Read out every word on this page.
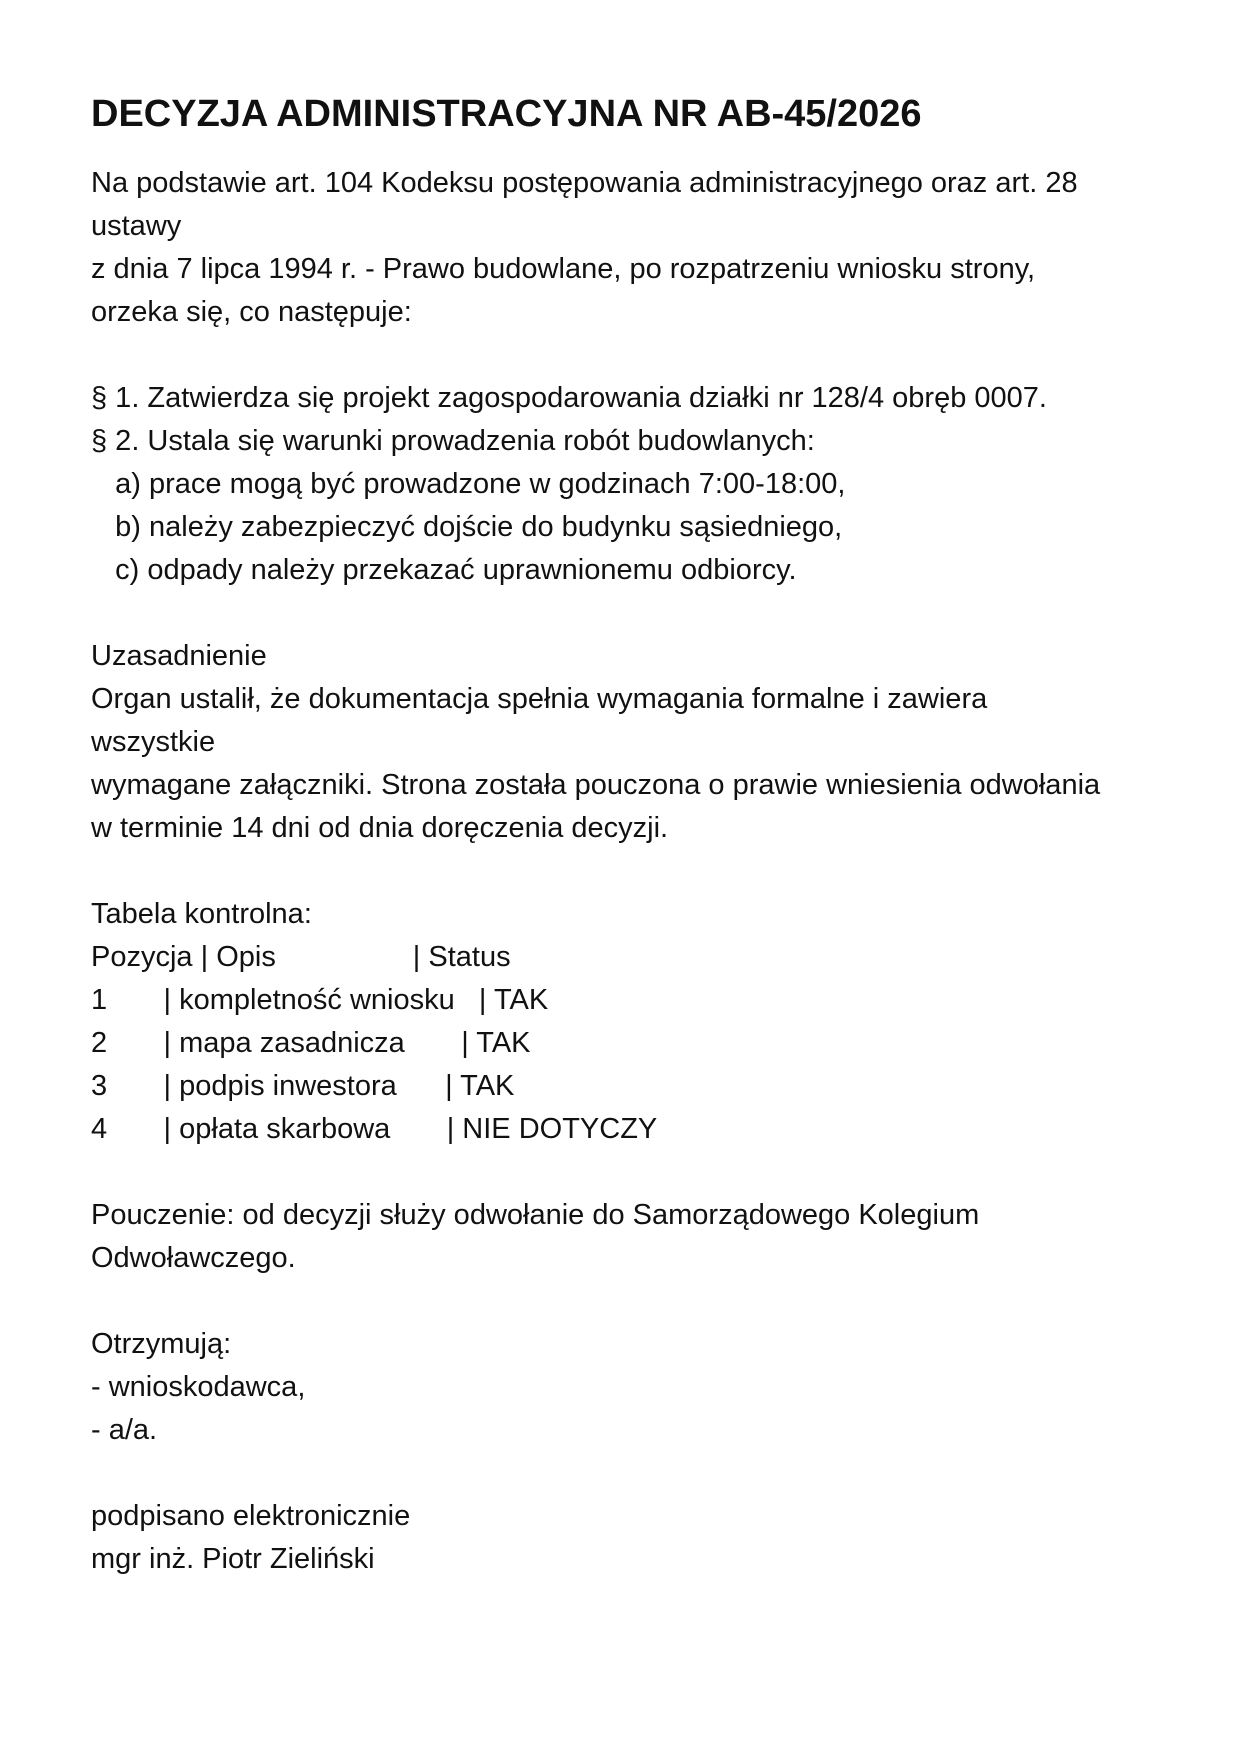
DECYZJA ADMINISTRACYJNA NR AB-45/2026
Na podstawie art. 104 Kodeksu postępowania administracyjnego oraz art. 28
ustawy
z dnia 7 lipca 1994 r. - Prawo budowlane, po rozpatrzeniu wniosku strony,
orzeka się, co następuje:
§ 1. Zatwierdza się projekt zagospodarowania działki nr 128/4 obręb 0007.
§ 2. Ustala się warunki prowadzenia robót budowlanych:
a) prace mogą być prowadzone w godzinach 7:00-18:00,
b) należy zabezpieczyć dojście do budynku sąsiedniego,
c) odpady należy przekazać uprawnionemu odbiorcy.
Uzasadnienie
Organ ustalił, że dokumentacja spełnia wymagania formalne i zawiera
wszystkie
wymagane załączniki. Strona została pouczona o prawie wniesienia odwołania
w terminie 14 dni od dnia doręczenia decyzji.
Tabela kontrolna:
Pozycja | Opis                 | Status
1       | kompletność wniosku   | TAK
2       | mapa zasadnicza       | TAK
3       | podpis inwestora      | TAK
4       | opłata skarbowa       | NIE DOTYCZY
Pouczenie: od decyzji służy odwołanie do Samorządowego Kolegium
Odwoławczego.
Otrzymują:
- wnioskodawca,
- a/a.
podpisano elektronicznie
mgr inż. Piotr Zieliński
